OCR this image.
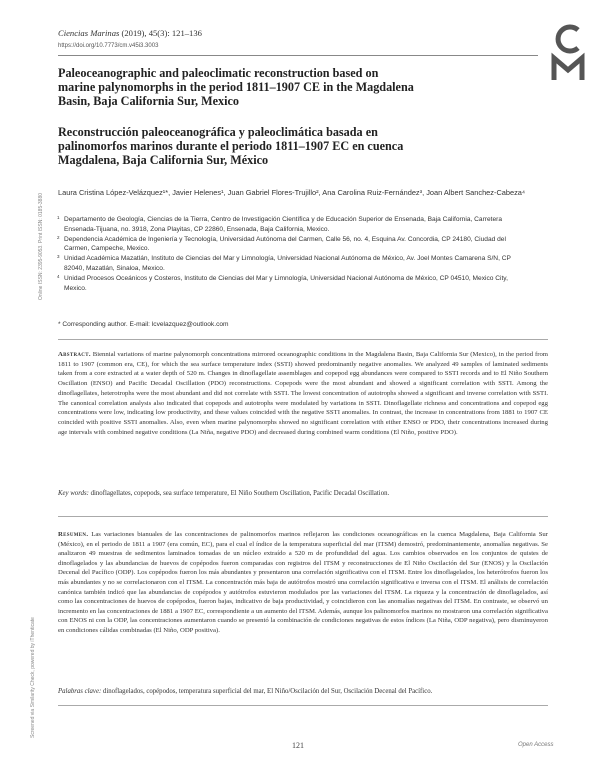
Ciencias Marinas (2019), 45(3): 121–136
https://doi.org/10.7773/cm.v45i3.3003
Paleoceanographic and paleoclimatic reconstruction based on marine palynomorphs in the period 1811–1907 CE in the Magdalena Basin, Baja California Sur, Mexico
Reconstrucción paleoceanográfica y paleoclimática basada en palinomorfos marinos durante el periodo 1811–1907 EC en cuenca Magdalena, Baja California Sur, México
Laura Cristina López-Velázquez¹*, Javier Helenes¹, Juan Gabriel Flores-Trujillo², Ana Carolina Ruiz-Fernández³, Joan Albert Sanchez-Cabeza⁴
1 Departamento de Geología, Ciencias de la Tierra, Centro de Investigación Científica y de Educación Superior de Ensenada, Baja California, Carretera Ensenada-Tijuana, no. 3918, Zona Playitas, CP 22860, Ensenada, Baja California, Mexico.
2 Dependencia Académica de Ingeniería y Tecnología, Universidad Autónoma del Carmen, Calle 56, no. 4, Esquina Av. Concordia, CP 24180, Ciudad del Carmen, Campeche, Mexico.
3 Unidad Académica Mazatlán, Instituto de Ciencias del Mar y Limnología, Universidad Nacional Autónoma de México, Av. Joel Montes Camarena S/N, CP 82040, Mazatlán, Sinaloa, Mexico.
4 Unidad Procesos Oceánicos y Costeros, Instituto de Ciencias del Mar y Limnología, Universidad Nacional Autónoma de México, CP 04510, Mexico City, Mexico.
* Corresponding author. E-mail: lcvelazquez@outlook.com
Abstract. Biennial variations of marine palynomorph concentrations mirrored oceanographic conditions in the Magdalena Basin, Baja California Sur (Mexico), in the period from 1811 to 1907 (common era, CE), for which the sea surface temperature index (SSTI) showed predominantly negative anomalies. We analyzed 49 samples of laminated sediments taken from a core extracted at a water depth of 520 m. Changes in dinoflagellate assemblages and copepod egg abundances were compared to SSTI records and to El Niño Southern Oscillation (ENSO) and Pacific Decadal Oscillation (PDO) reconstructions. Copepods were the most abundant and showed a significant correlation with SSTI. Among the dinoflagellates, heterotrophs were the most abundant and did not correlate with SSTI. The lowest concentration of autotrophs showed a significant and inverse correlation with SSTI. The canonical correlation analysis also indicated that copepods and autotrophs were modulated by variations in SSTI. Dinoflagellate richness and concentrations and copepod egg concentrations were low, indicating low productivity, and these values coincided with the negative SSTI anomalies. In contrast, the increase in concentrations from 1881 to 1907 CE coincided with positive SSTI anomalies. Also, even when marine palynomorphs showed no significant correlation with either ENSO or PDO, their concentrations increased during age intervals with combined negative conditions (La Niña, negative PDO) and decreased during combined warm conditions (El Niño, positive PDO).
Key words: dinoflagellates, copepods, sea surface temperature, El Niño Southern Oscillation, Pacific Decadal Oscillation.
Resumen. Las variaciones bianuales de las concentraciones de palinomorfos marinos reflejaron las condiciones oceanográficas en la cuenca Magdalena, Baja California Sur (México), en el periodo de 1811 a 1907 (era común, EC), para el cual el índice de la temperatura superficial del mar (ITSM) demostró, predominantemente, anomalías negativas. Se analizaron 49 muestras de sedimentos laminados tomadas de un núcleo extraído a 520 m de profundidad del agua. Los cambios observados en los conjuntos de quistes de dinoflagelados y las abundancias de huevos de copépodos fueron comparadas con registros del ITSM y reconstrucciones de El Niño Oscilación del Sur (ENOS) y la Oscilación Decenal del Pacífico (ODP). Los copépodos fueron los más abundantes y presentaron una correlación significativa con el ITSM. Entre los dinoflagelados, los heterótrofos fueron los más abundantes y no se correlacionaron con el ITSM. La concentración más baja de autótrofos mostró una correlación significativa e inversa con el ITSM. El análisis de correlación canónica también indicó que las abundancias de copépodos y autótrofos estuvieron modulados por las variaciones del ITSM. La riqueza y la concentración de dinoflagelados, así como las concentraciones de huevos de copépodos, fueron bajas, indicativo de baja productividad, y coincidieron con las anomalías negativas del ITSM. En contraste, se observó un incremento en las concentraciones de 1881 a 1907 EC, correspondiente a un aumento del ITSM. Además, aunque los palinomorfos marinos no mostraron una correlación significativa con ENOS ni con la ODP, las concentraciones aumentaron cuando se presentó la combinación de condiciones negativas de estos índices (La Niña, ODP negativa), pero disminuyeron en condiciones cálidas combinadas (El Niño, ODP positiva).
Palabras clave: dinoflagelados, copépodos, temperatura superficial del mar, El Niño/Oscilación del Sur, Oscilación Decenal del Pacífico.
121	Open Access
Online ISSN: 2395-9053. Print ISSN: 0185-3880
Screened via Similarity Check, powered by iThenticate
